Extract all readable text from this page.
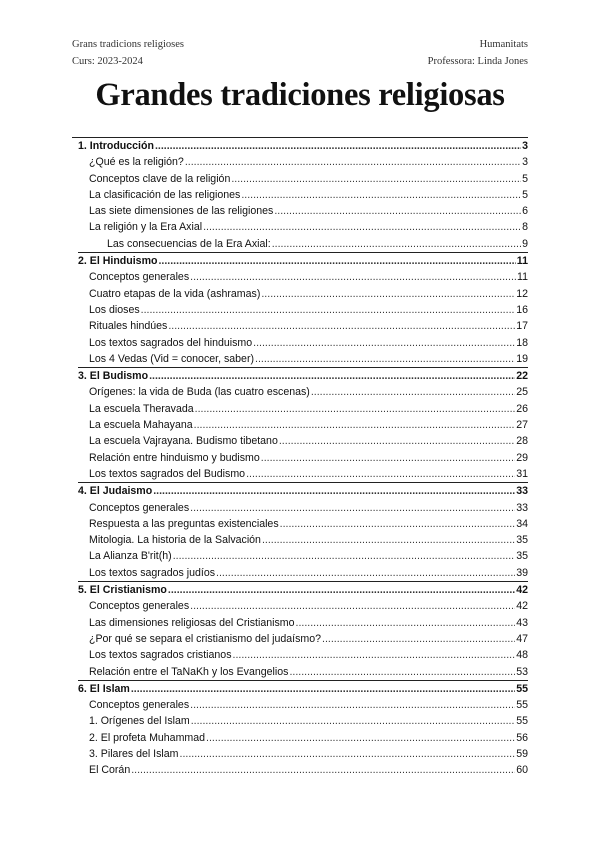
Grans tradicions religioses
Curs: 2023-2024
Humanitats
Professora: Linda Jones
Grandes tradiciones religiosas
1. Introducción .....	3
¿Qué es la religión? .....	3
Conceptos clave de la religión .....	5
La clasificación de las religiones .....	5
Las siete dimensiones de las religiones .....	6
La religión y la Era Axial .....	8
Las consecuencias de la Era Axial: .....	9
2. El Hinduismo .....	11
Conceptos generales .....	11
Cuatro etapas de la vida (ashramas) .....	12
Los dioses .....	16
Rituales hindúes .....	17
Los textos sagrados del hinduismo .....	18
Los 4 Vedas (Vid = conocer, saber) .....	19
3. El Budismo .....	22
Orígenes: la vida de Buda (las cuatro escenas) .....	25
La escuela Theravada .....	26
La escuela Mahayana .....	27
La escuela Vajrayana. Budismo tibetano .....	28
Relación entre hinduismo y budismo .....	29
Los textos sagrados del Budismo .....	31
4. El Judaismo .....	33
Conceptos generales .....	33
Respuesta a las preguntas existenciales .....	34
Mitologia. La historia de la Salvación .....	35
La Alianza B'rit(h) .....	35
Los textos sagrados judíos .....	39
5. El Cristianismo .....	42
Conceptos generales .....	42
Las dimensiones religiosas del Cristianismo .....	43
¿Por qué se separa el cristianismo del judaísmo? .....	47
Los textos sagrados cristianos .....	48
Relación entre el TaNaKh y los Evangelios .....	53
6. El Islam .....	55
Conceptos generales .....	55
1. Orígenes del Islam .....	55
2. El profeta Muhammad .....	56
3. Pilares del Islam .....	59
El Corán .....	60
